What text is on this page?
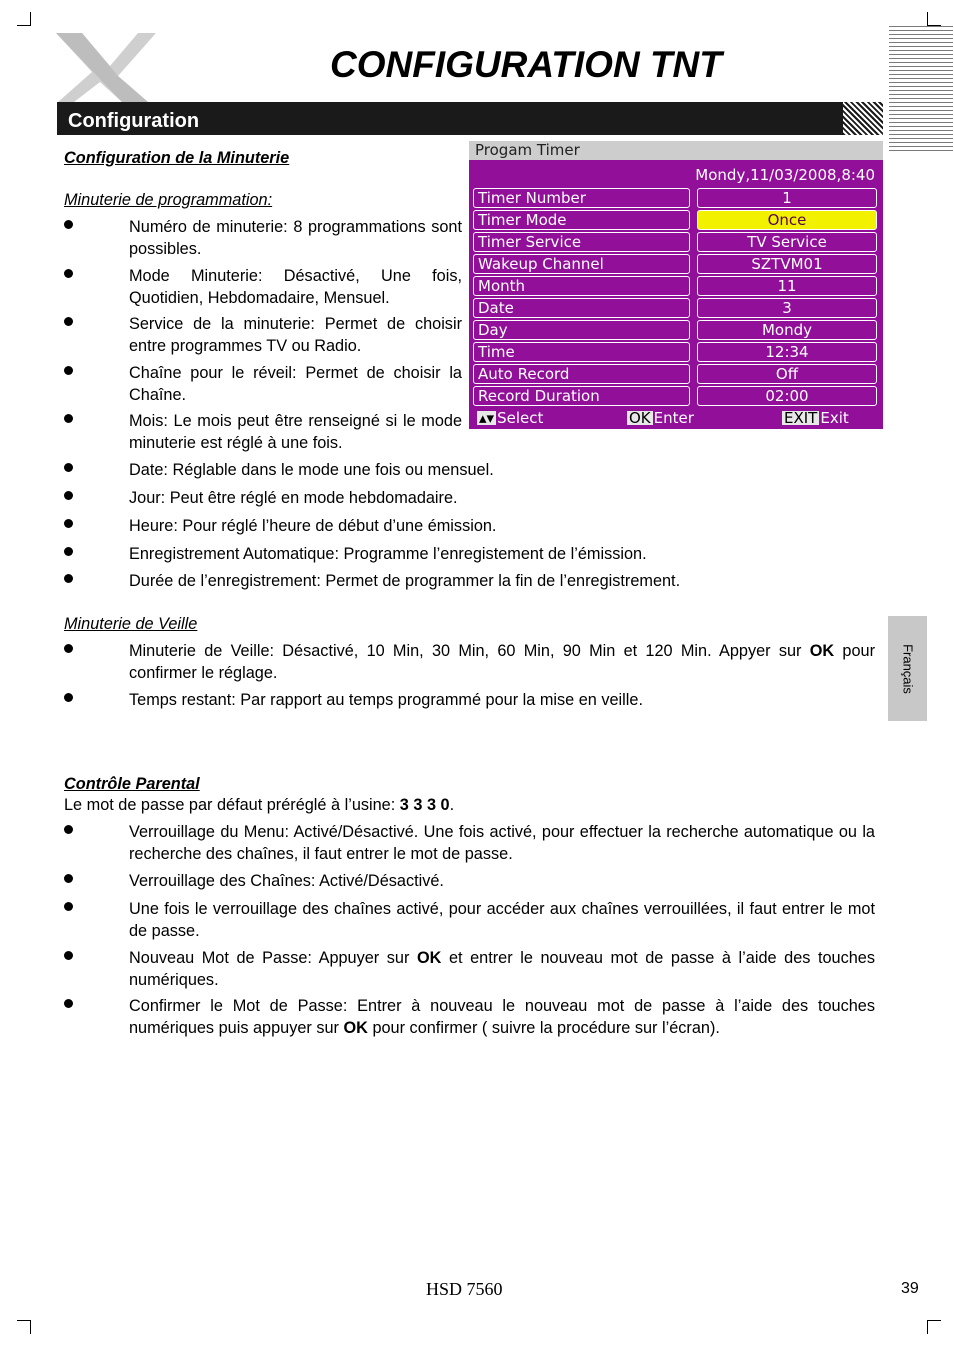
CONFIGURATION TNT
Configuration
Français
Configuration de la Minuterie
Minuterie de programmation:
Numéro de minuterie: 8 programmations sont possibles.
Mode Minuterie: Désactivé, Une fois, Quotidien, Hebdomadaire, Mensuel.
Service de la minuterie: Permet de choisir entre programmes TV ou Radio.
Chaîne pour le réveil: Permet de choisir la Chaîne.
Mois: Le mois peut être renseigné si le mode minuterie est réglé à une fois.
Date: Réglable dans le mode une fois ou mensuel.
Jour: Peut être réglé en mode hebdomadaire.
Heure: Pour réglé l’heure de début d’une émission.
Enregistrement Automatique: Programme l’enregistement de l’émission.
Durée de l’enregistrement: Permet de programmer la fin de l’enregistrement.
Minuterie de Veille
Minuterie de Veille: Désactivé, 10 Min, 30 Min, 60 Min, 90 Min et 120 Min. Appyer sur OK pour confirmer le réglage.
Temps restant: Par rapport au temps programmé pour la mise en veille.
Contrôle Parental
Le mot de passe par défaut préréglé à l’usine: 3 3 3 0.
Verrouillage du Menu: Activé/Désactivé. Une fois activé, pour effectuer la recherche automatique ou la recherche des chaînes, il faut entrer le mot de passe.
Verrouillage des Chaînes: Activé/Désactivé.
Une fois le verrouillage des chaînes activé, pour accéder aux chaînes verrouillées, il faut entrer le mot de passe.
Nouveau Mot de Passe: Appuyer sur OK et entrer le nouveau mot de passe à l’aide des touches numériques.
Confirmer le Mot de Passe: Entrer à nouveau le nouveau mot de passe à l’aide des touches numériques puis appuyer sur OK pour confirmer ( suivre la procédure sur l’écran).
Progam Timer
Mondy,11/03/2008,8:40
Timer Number	1
Timer Mode	Once
Timer Service	TV Service
Wakeup Channel	SZTVM01
Month	11
Date	3
Day	Mondy
Time	12:34
Auto Record	Off
Record Duration	02:00
▴▾ Select	OK Enter	EXIT Exit
HSD 7560	39
